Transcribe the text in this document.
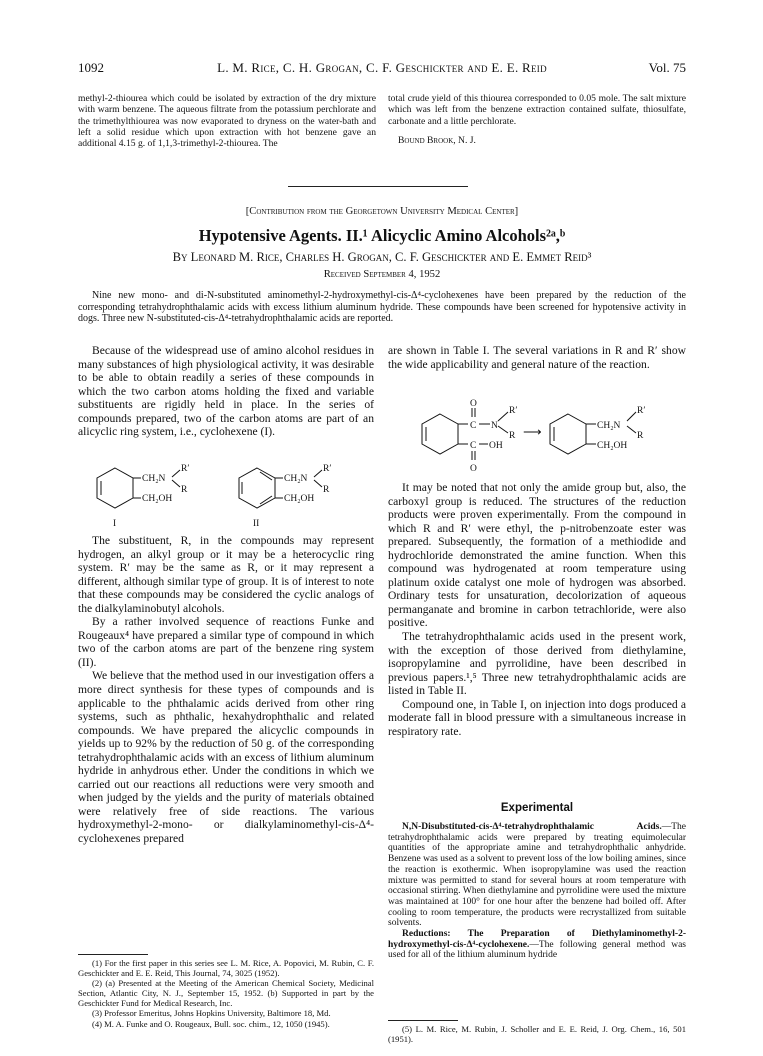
1092	L. M. Rice, C. H. Grogan, C. F. Geschickter and E. E. Reid	Vol. 75

methyl-2-thiourea which could be isolated by extraction of the dry mixture with warm benzene. The aqueous filtrate from the potassium perchlorate and the trimethylthiourea was now evaporated to dryness on the water-bath and left a solid residue which upon extraction with hot benzene gave an additional 4.15 g. of 1,1,3-trimethyl-2-thiourea. The

total crude yield of this thiourea corresponded to 0.05 mole. The salt mixture which was left from the benzene extraction contained sulfate, thiosulfate, carbonate and a little perchlorate.

Bound Brook, N. J.

[Contribution from the Georgetown University Medical Center]
Hypotensive Agents. II.¹ Alicyclic Amino Alcohols²ᵃ,ᵇ
By Leonard M. Rice, Charles H. Grogan, C. F. Geschickter and E. Emmet Reid³
Received September 4, 1952
Nine new mono- and di-N-substituted aminomethyl-2-hydroxymethyl-cis-Δ⁴-cyclohexenes have been prepared by the reduction of the corresponding tetrahydrophthalamic acids with excess lithium aluminum hydride. These compounds have been screened for hypotensive activity in dogs. Three new N-substituted-cis-Δ⁴-tetrahydrophthalamic acids are reported.

Because of the widespread use of amino alcohol residues in many substances of high physiological activity, it was desirable to be able to obtain readily a series of these compounds in which the two carbon atoms holding the fixed and variable substituents are rigidly held in place. In the series of compounds prepared, two of the carbon atoms are part of an alicyclic ring system, i.e., cyclohexene (I).

CH₂N
R′
R
CH₂OH
I
CH₂N
R′
R
CH₂OH
II

The substituent, R, in the compounds may represent hydrogen, an alkyl group or it may be a heterocyclic ring system. R′ may be the same as R, or it may represent a different, although similar type of group. It is of interest to note that these compounds may be considered the cyclic analogs of the dialkylaminobutyl alcohols.

By a rather involved sequence of reactions Funke and Rougeaux⁴ have prepared a similar type of compound in which two of the carbon atoms are part of the benzene ring system (II).

We believe that the method used in our investigation offers a more direct synthesis for these types of compounds and is applicable to the phthalamic acids derived from other ring systems, such as phthalic, hexahydrophthalic and related compounds. We have prepared the alicyclic compounds in yields up to 92% by the reduction of 50 g. of the corresponding tetrahydrophthalamic acids with an excess of lithium aluminum hydride in anhydrous ether. Under the conditions in which we carried out our reactions all reductions were very smooth and when judged by the yields and the purity of materials obtained were relatively free of side reactions. The various hydroxymethyl-2-mono- or dialkylaminomethyl-cis-Δ⁴-cyclohexenes prepared

(1) For the first paper in this series see L. M. Rice, A. Popovici, M. Rubin, C. F. Geschickter and E. E. Reid, This Journal, 74, 3025 (1952).

(2) (a) Presented at the Meeting of the American Chemical Society, Medicinal Section, Atlantic City, N. J., September 15, 1952. (b) Supported in part by the Geschickter Fund for Medical Research, Inc.

(3) Professor Emeritus, Johns Hopkins University, Baltimore 18, Md.

(4) M. A. Funke and O. Rougeaux, Bull. soc. chim., 12, 1050 (1945).

are shown in Table I. The several variations in R and R′ show the wide applicability and general nature of the reaction.

O
C N
R′
R
C OH
O
⟶	CH₂N
R′
R
CH₂OH

It may be noted that not only the amide group but, also, the carboxyl group is reduced. The structures of the reduction products were proven experimentally. From the compound in which R and R′ were ethyl, the p-nitrobenzoate ester was prepared. Subsequently, the formation of a methiodide and hydrochloride demonstrated the amine function. When this compound was hydrogenated at room temperature using platinum oxide catalyst one mole of hydrogen was absorbed. Ordinary tests for unsaturation, decolorization of aqueous permanganate and bromine in carbon tetrachloride, were also positive.

The tetrahydrophthalamic acids used in the present work, with the exception of those derived from diethylamine, isopropylamine and pyrrolidine, have been described in previous papers.¹,⁵ Three new tetrahydrophthalamic acids are listed in Table II.

Compound one, in Table I, on injection into dogs produced a moderate fall in blood pressure with a simultaneous increase in respiratory rate.

Experimental

N,N-Disubstituted-cis-Δ⁴-tetrahydrophthalamic Acids.—The tetrahydrophthalamic acids were prepared by treating equimolecular quantities of the appropriate amine and tetrahydrophthalic anhydride. Benzene was used as a solvent to prevent loss of the low boiling amines, since the reaction is exothermic. When isopropylamine was used the reaction mixture was permitted to stand for several hours at room temperature with occasional stirring. When diethylamine and pyrrolidine were used the mixture was maintained at 100° for one hour after the benzene had boiled off. After cooling to room temperature, the products were recrystallized from suitable solvents.

Reductions: The Preparation of Diethylaminomethyl-2-hydroxymethyl-cis-Δ⁴-cyclohexene.—The following general method was used for all of the lithium aluminum hydride

(5) L. M. Rice, M. Rubin, J. Scholler and E. E. Reid, J. Org. Chem., 16, 501 (1951).
